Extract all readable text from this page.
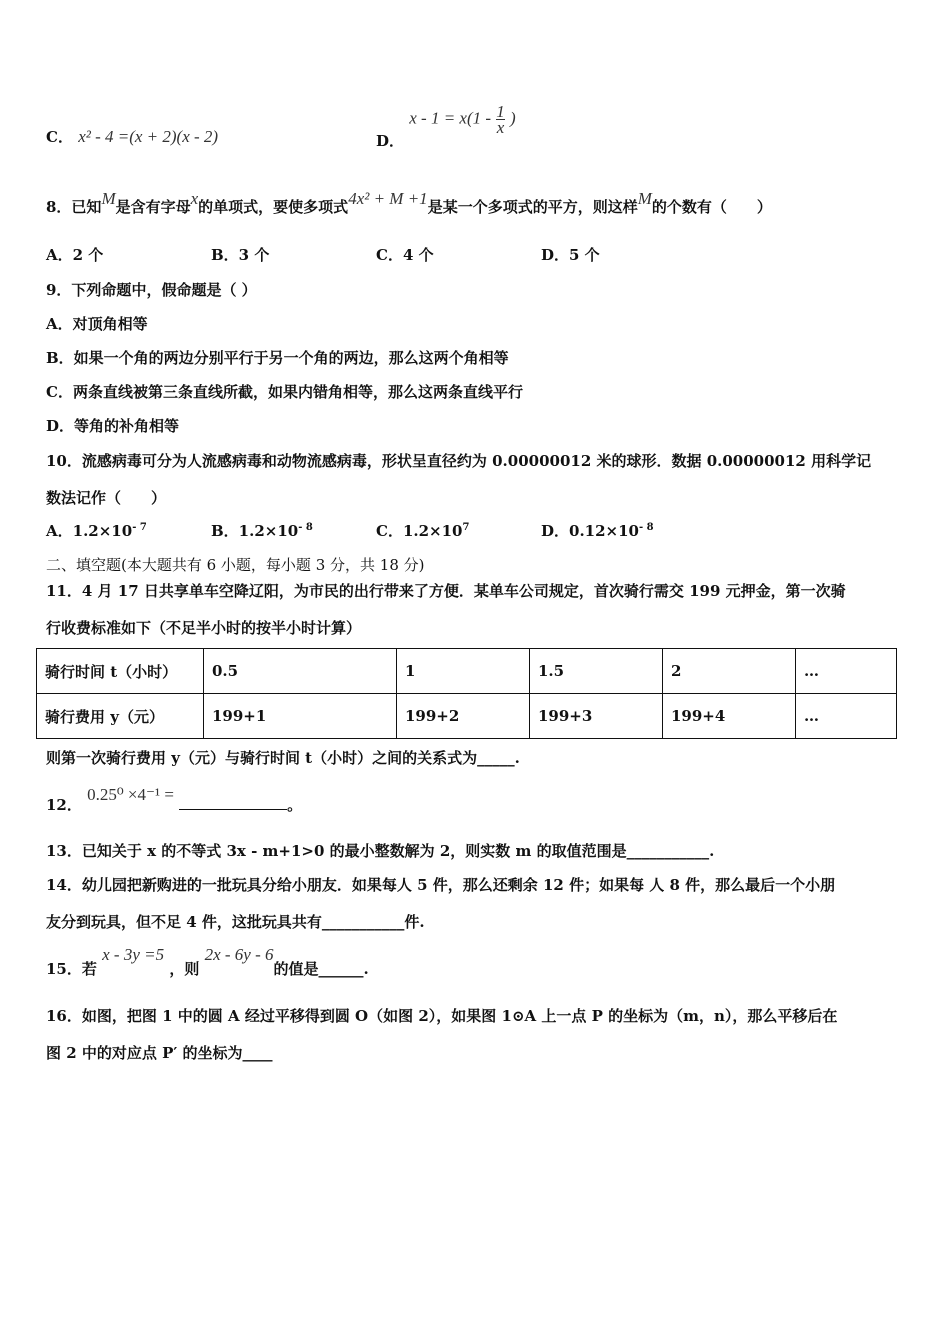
C． x² - 4 =(x + 2)(x - 2)	D． $x - 1 = x(1 - \frac{1}{x}$ )
8．已知M是含有字母x的单项式，要使多项式4x² + M +1是某一个多项式的平方，则这样M的个数有（　　）
A．2 个	B．3 个	C．4 个	D．5 个
9．下列命题中，假命题是（ ）
A．对顶角相等
B．如果一个角的两边分别平行于另一个角的两边，那么这两个角相等
C．两条直线被第三条直线所截，如果内错角相等，那么这两条直线平行
D．等角的补角相等
10．流感病毒可分为人流感病毒和动物流感病毒，形状呈直径约为 0.00000012 米的球形．数据 0.00000012 用科学记
数法记作（　　）
A．$1.2\times 10^{- 7}$	B．$1.2\times 10^{- 8}$	C．$1.2\times 10^7$	D．$0.12\times 10^{- 8}$
二、填空题(本大题共有 6 小题，每小题 3 分，共 18 分)
11．4 月 17 日共享单车空降辽阳，为市民的出行带来了方便．某单车公司规定，首次骑行需交 199 元押金，第一次骑
行收费标准如下（不足半小时的按半小时计算）
骑行时间 t（小时）	0.5	1	1.5	2	…
骑行费用 y（元）	199+1	199+2	199+3	199+4	…
则第一次骑行费用 y（元）与骑行时间 t（小时）之间的关系式为_____.
12． 0.25⁰ ×4⁻¹ = 。
13．已知关于 x 的不等式 3x - m+1>0 的最小整数解为 2，则实数 m 的取值范围是___________.
14．幼儿园把新购进的一批玩具分给小朋友．如果每人 5 件，那么还剩余 12 件；如果每 人 8 件，那么最后一个小朋
友分到玩具，但不足 4 件，这批玩具共有___________件.
15．若 x - 3y =5 ，则 2x - 6y - 6的值是______.
16．如图，把图 1 中的圆 A 经过平移得到圆 O（如图 2），如果图 1⊙A 上一点 P 的坐标为（m，n），那么平移后在
图 2 中的对应点 P′ 的坐标为____
